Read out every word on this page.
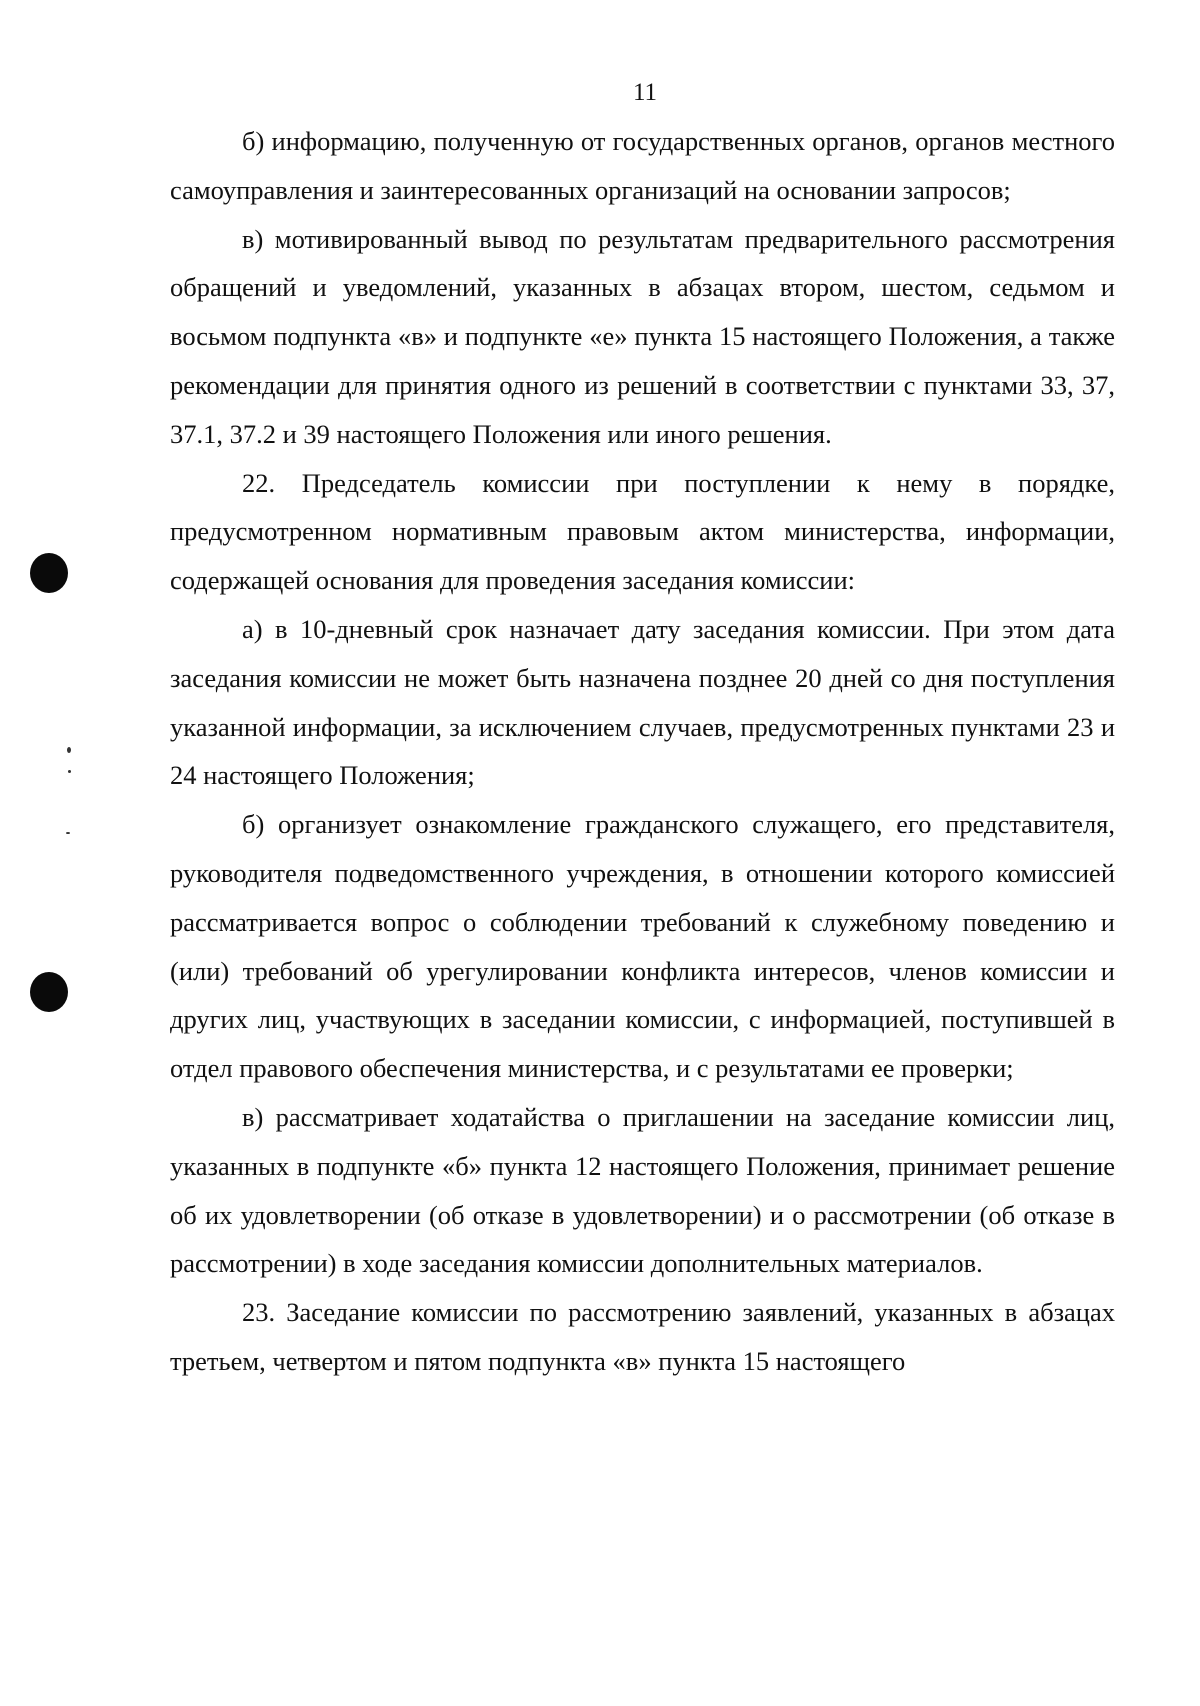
11

б) информацию, полученную от государственных органов, органов местного самоуправления и заинтересованных организаций на основании запросов;

в) мотивированный вывод по результатам предварительного рассмотрения обращений и уведомлений, указанных в абзацах втором, шестом, седьмом и восьмом подпункта «в» и подпункте «е» пункта 15 настоящего Положения, а также рекомендации для принятия одного из решений в соответствии с пунктами 33, 37, 37.1, 37.2 и 39 настоящего Положения или иного решения.

22. Председатель комиссии при поступлении к нему в порядке, предусмотренном нормативным правовым актом министерства, информации, содержащей основания для проведения заседания комиссии:

а) в 10-дневный срок назначает дату заседания комиссии. При этом дата заседания комиссии не может быть назначена позднее 20 дней со дня поступления указанной информации, за исключением случаев, предусмотренных пунктами 23 и 24 настоящего Положения;

б) организует ознакомление гражданского служащего, его представителя, руководителя подведомственного учреждения, в отношении которого комиссией рассматривается вопрос о соблюдении требований к служебному поведению и (или) требований об урегулировании конфликта интересов, членов комиссии и других лиц, участвующих в заседании комиссии, с информацией, поступившей в отдел правового обеспечения министерства, и с результатами ее проверки;

в) рассматривает ходатайства о приглашении на заседание комиссии лиц, указанных в подпункте «б» пункта 12 настоящего Положения, принимает решение об их удовлетворении (об отказе в удовлетворении) и о рассмотрении (об отказе в рассмотрении) в ходе заседания комиссии дополнительных материалов.

23. Заседание комиссии по рассмотрению заявлений, указанных в абзацах третьем, четвертом и пятом подпункта «в» пункта 15 настоящего
